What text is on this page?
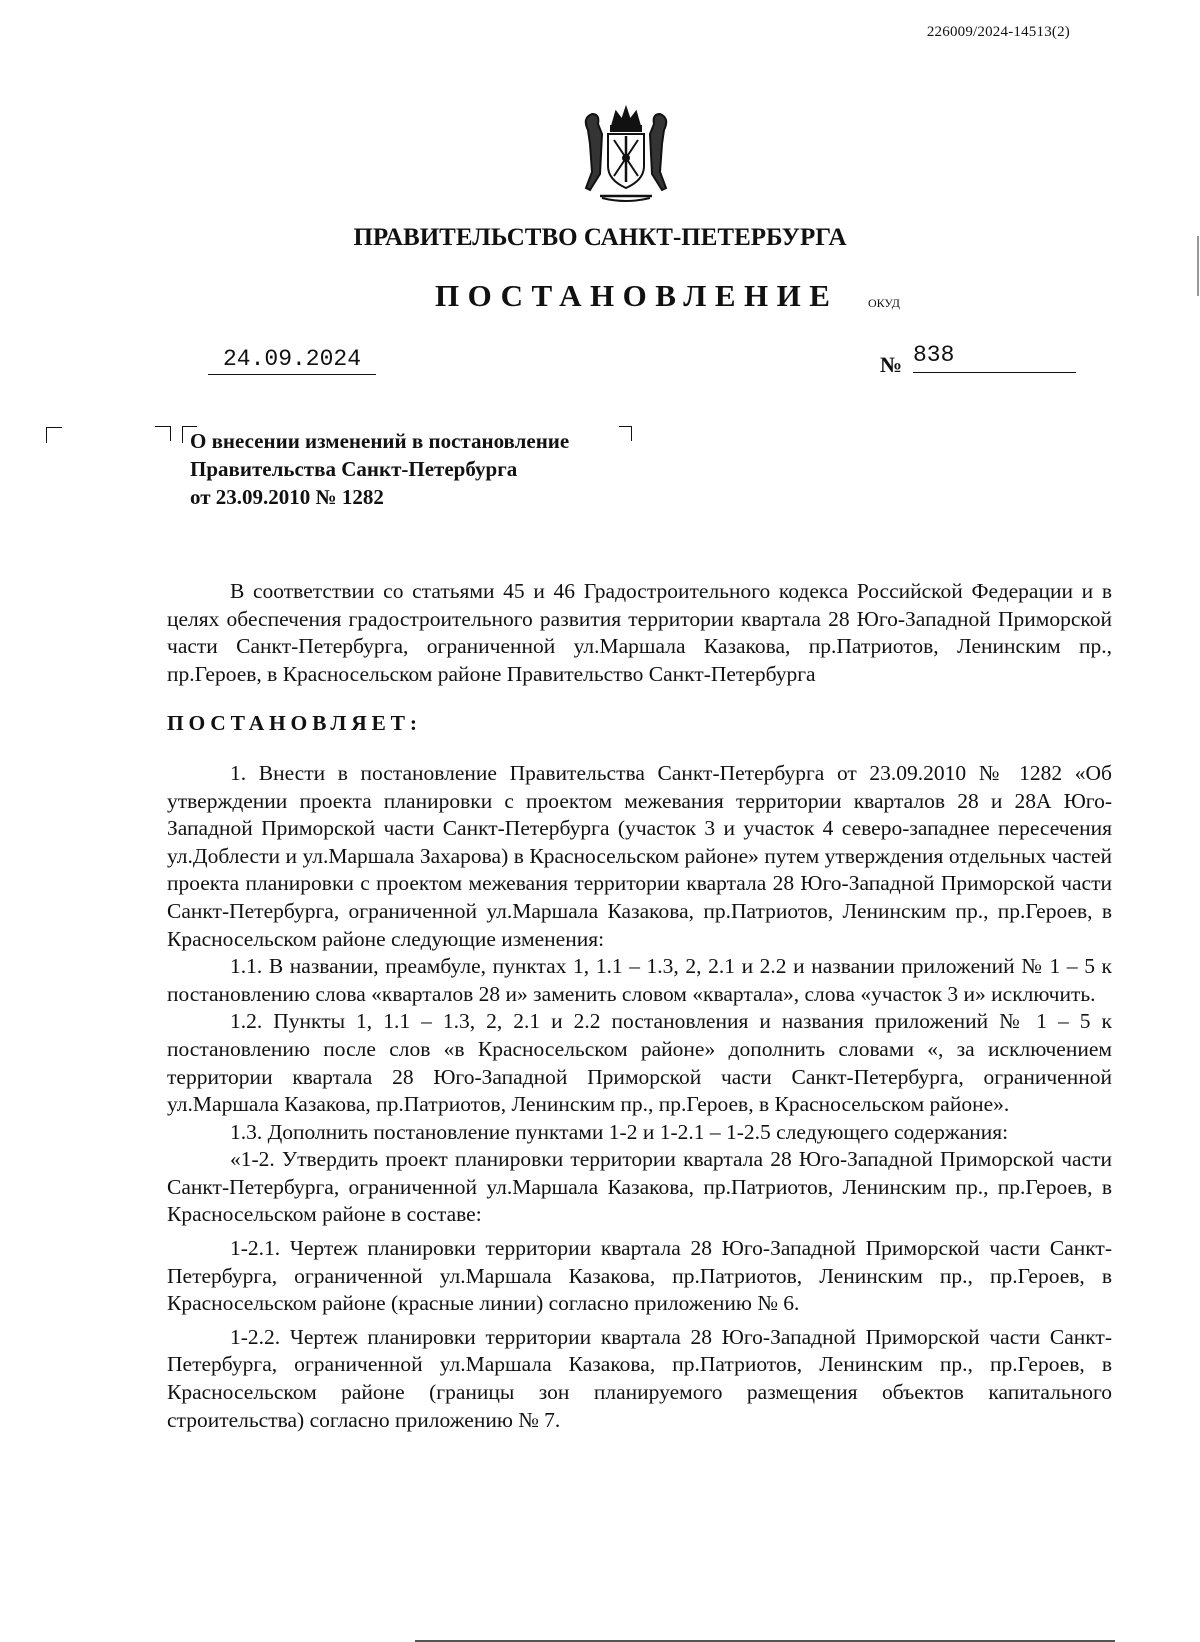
226009/2024-14513(2)
ПРАВИТЕЛЬСТВО САНКТ-ПЕТЕРБУРГА
ПОСТАНОВЛЕНИЕ ОКУД
24.09.2024	№ 838
О внесении изменений в постановление
Правительства Санкт-Петербурга
от 23.09.2010 № 1282

В соответствии со статьями 45 и 46 Градостроительного кодекса Российской Федерации и в целях обеспечения градостроительного развития территории квартала 28 Юго-Западной Приморской части Санкт-Петербурга, ограниченной ул.Маршала Казакова, пр.Патриотов, Ленинским пр., пр.Героев, в Красносельском районе Правительство Санкт-Петербурга

ПОСТАНОВЛЯЕТ:

1. Внести в постановление Правительства Санкт-Петербурга от 23.09.2010 № 1282 «Об утверждении проекта планировки с проектом межевания территории кварталов 28 и 28А Юго-Западной Приморской части Санкт-Петербурга (участок 3 и участок 4 северо-западнее пересечения ул.Доблести и ул.Маршала Захарова) в Красносельском районе» путем утверждения отдельных частей проекта планировки с проектом межевания территории квартала 28 Юго-Западной Приморской части Санкт-Петербурга, ограниченной ул.Маршала Казакова, пр.Патриотов, Ленинским пр., пр.Героев, в Красносельском районе следующие изменения:

1.1. В названии, преамбуле, пунктах 1, 1.1 – 1.3, 2, 2.1 и 2.2 и названии приложений № 1 – 5 к постановлению слова «кварталов 28 и» заменить словом «квартала», слова «участок 3 и» исключить.

1.2. Пункты 1, 1.1 – 1.3, 2, 2.1 и 2.2 постановления и названия приложений № 1 – 5 к постановлению после слов «в Красносельском районе» дополнить словами «, за исключением территории квартала 28 Юго-Западной Приморской части Санкт-Петербурга, ограниченной ул.Маршала Казакова, пр.Патриотов, Ленинским пр., пр.Героев, в Красносельском районе».

1.3. Дополнить постановление пунктами 1-2 и 1-2.1 – 1-2.5 следующего содержания:

«1-2. Утвердить проект планировки территории квартала 28 Юго-Западной Приморской части Санкт-Петербурга, ограниченной ул.Маршала Казакова, пр.Патриотов, Ленинским пр., пр.Героев, в Красносельском районе в составе:

1-2.1. Чертеж планировки территории квартала 28 Юго-Западной Приморской части Санкт-Петербурга, ограниченной ул.Маршала Казакова, пр.Патриотов, Ленинским пр., пр.Героев, в Красносельском районе (красные линии) согласно приложению № 6.

1-2.2. Чертеж планировки территории квартала 28 Юго-Западной Приморской части Санкт-Петербурга, ограниченной ул.Маршала Казакова, пр.Патриотов, Ленинским пр., пр.Героев, в Красносельском районе (границы зон планируемого размещения объектов капитального строительства) согласно приложению № 7.
